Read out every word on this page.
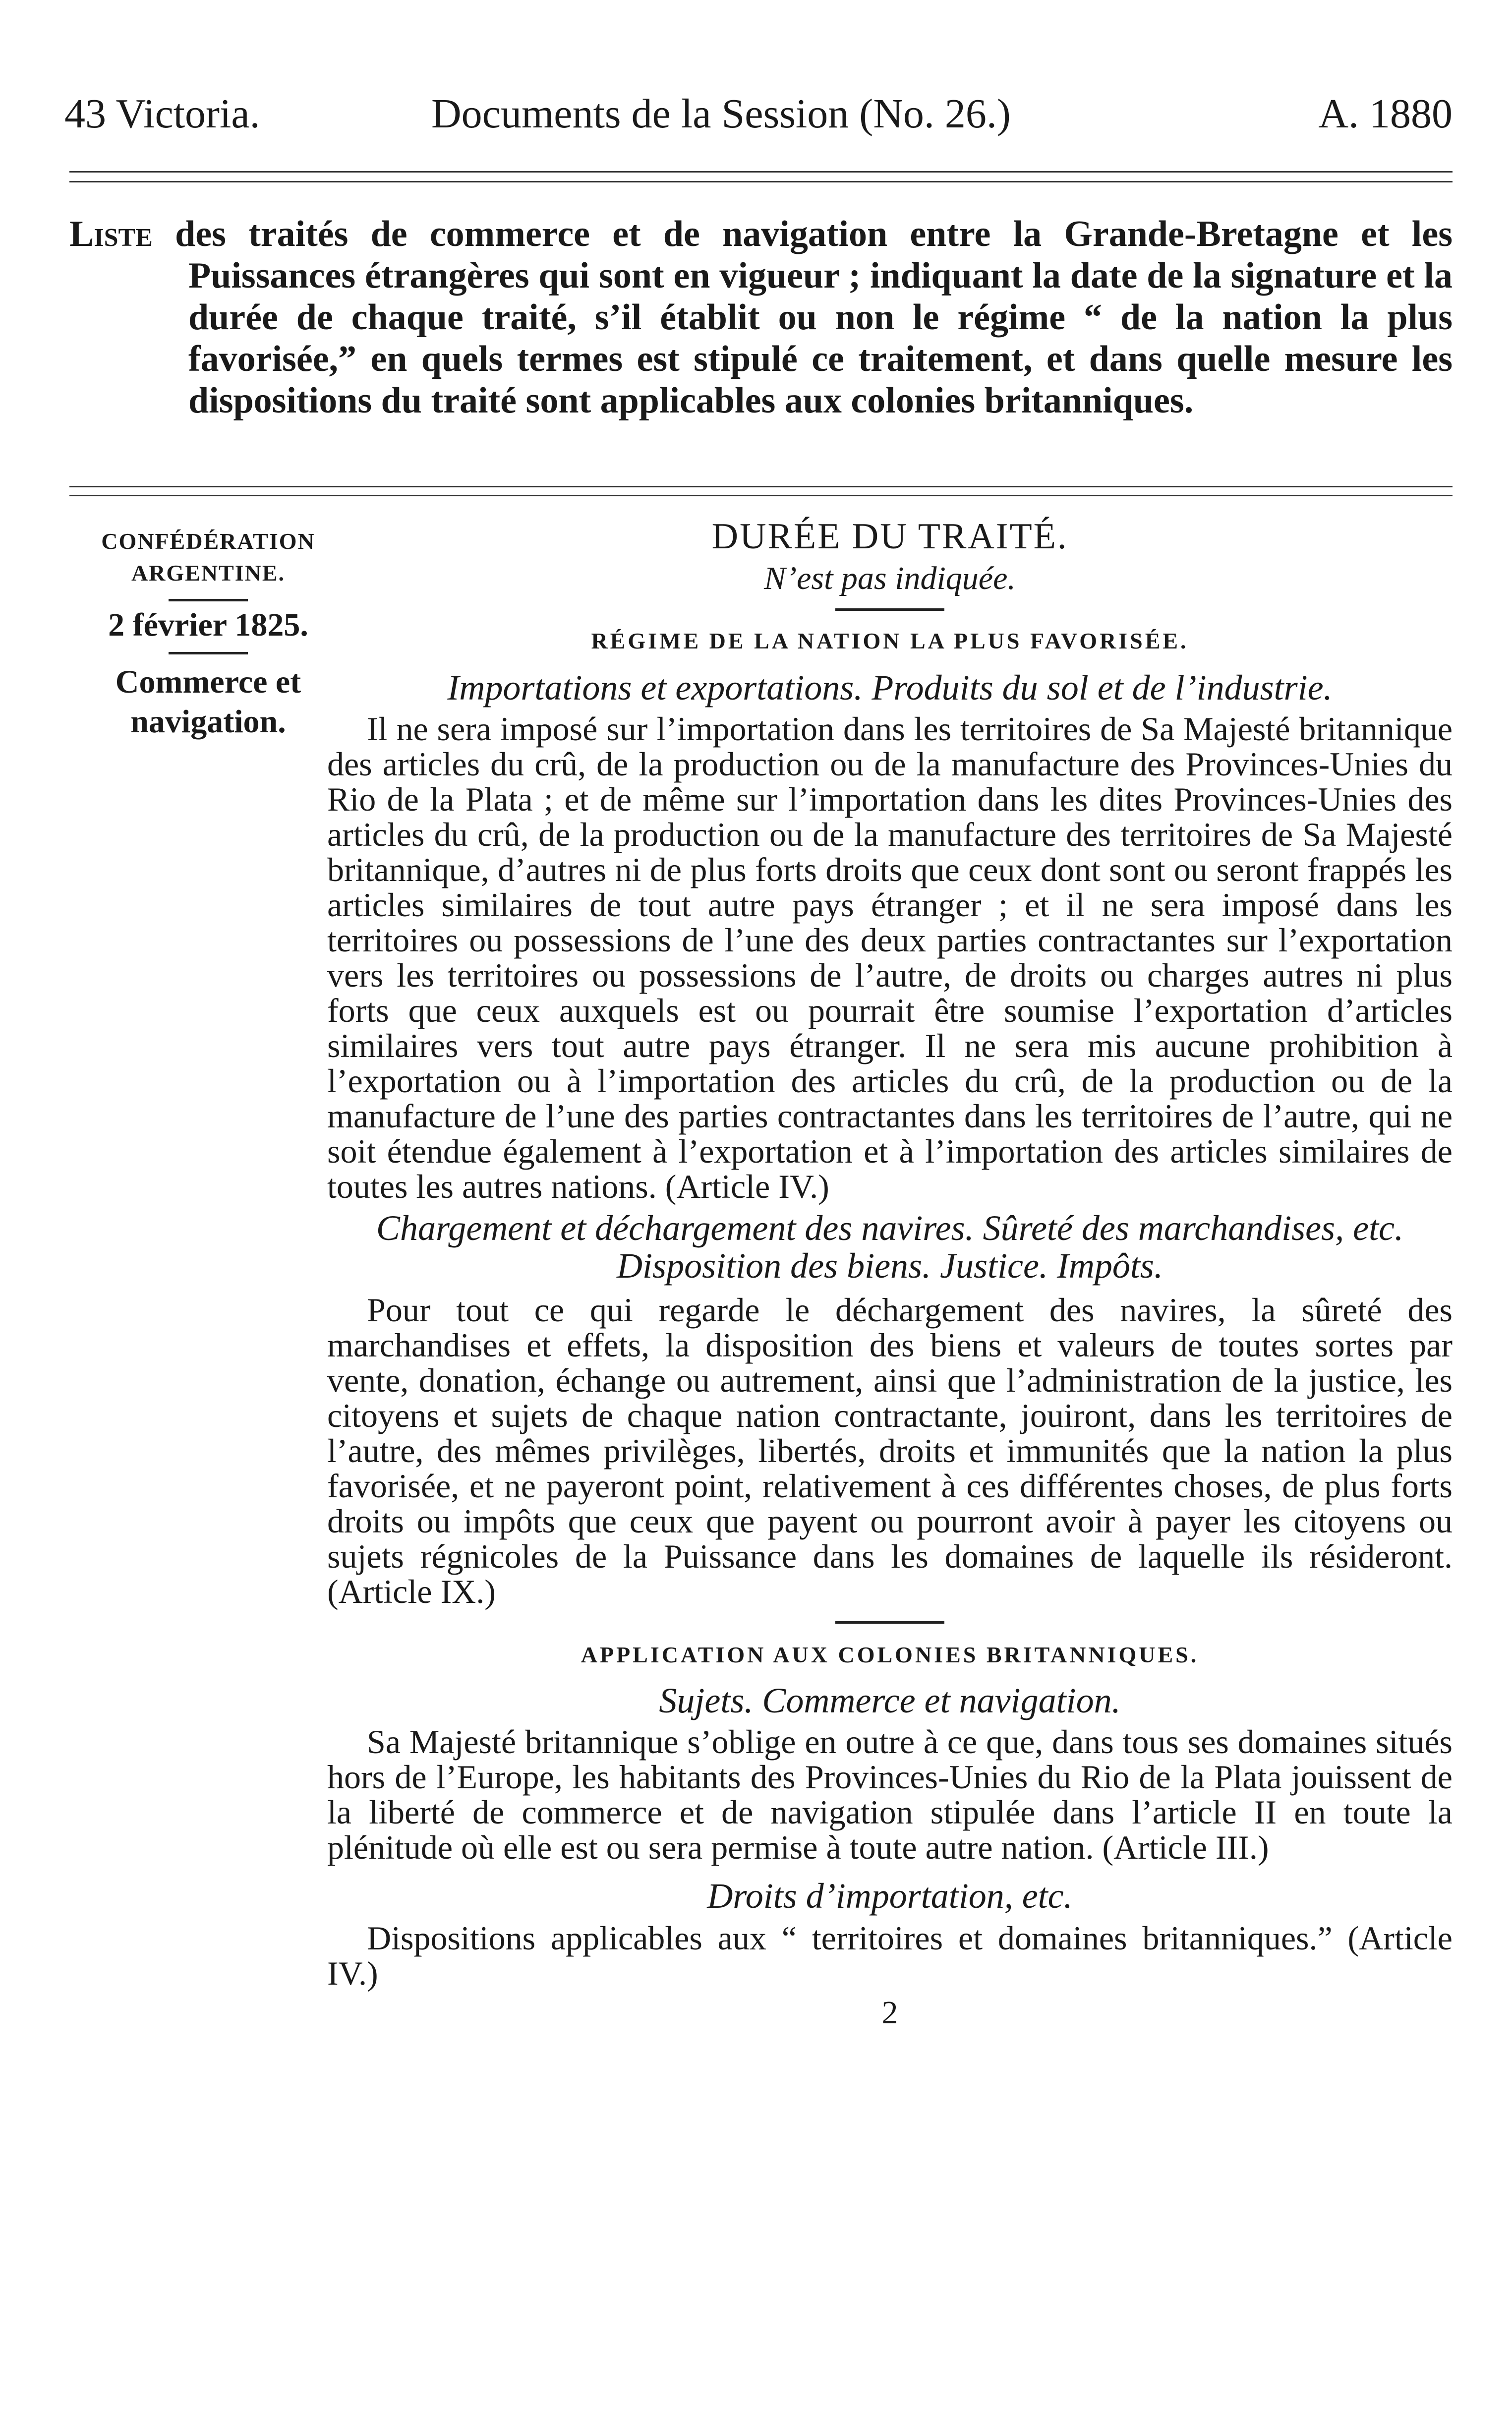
43 Victoria.	Documents de la Session (No. 26.)	A. 1880
Liste des traités de commerce et de navigation entre la Grande-Bretagne et les Puissances étrangères qui sont en vigueur ; indiquant la date de la signature et la durée de chaque traité, s’il établit ou non le régime “ de la nation la plus favorisée,” en quels termes est stipulé ce traitement, et dans quelle mesure les dispositions du traité sont applicables aux colonies britanniques.
CONFÉDÉRATION
ARGENTINE.
2 février 1825.
Commerce et
navigation.
DURÉE DU TRAITÉ.
N’est pas indiquée.
RÉGIME DE LA NATION LA PLUS FAVORISÉE.
Importations et exportations. Produits du sol et de l’industrie.
Il ne sera imposé sur l’importation dans les territoires de Sa Majesté britannique des articles du crû, de la production ou de la manufacture des Provinces-Unies du Rio de la Plata ; et de même sur l’importation dans les dites Provinces-Unies des articles du crû, de la production ou de la manufacture des territoires de Sa Majesté britannique, d’autres ni de plus forts droits que ceux dont sont ou seront frappés les articles similaires de tout autre pays étranger ; et il ne sera imposé dans les territoires ou possessions de l’une des deux parties contractantes sur l’exportation vers les territoires ou possessions de l’autre, de droits ou charges autres ni plus forts que ceux auxquels est ou pourrait être soumise l’exportation d’articles similaires vers tout autre pays étranger. Il ne sera mis aucune prohibition à l’exportation ou à l’importation des articles du crû, de la production ou de la manufacture de l’une des parties contractantes dans les territoires de l’autre, qui ne soit étendue également à l’exportation et à l’importation des articles similaires de toutes les autres nations. (Article IV.)
Chargement et déchargement des navires. Sûreté des marchandises, etc.
Disposition des biens. Justice. Impôts.
Pour tout ce qui regarde le déchargement des navires, la sûreté des marchandises et effets, la disposition des biens et valeurs de toutes sortes par vente, donation, échange ou autrement, ainsi que l’administration de la justice, les citoyens et sujets de chaque nation contractante, jouiront, dans les territoires de l’autre, des mêmes privilèges, libertés, droits et immunités que la nation la plus favorisée, et ne payeront point, relativement à ces différentes choses, de plus forts droits ou impôts que ceux que payent ou pourront avoir à payer les citoyens ou sujets régnicoles de la Puissance dans les domaines de laquelle ils résideront. (Article IX.)
APPLICATION AUX COLONIES BRITANNIQUES.
Sujets. Commerce et navigation.
Sa Majesté britannique s’oblige en outre à ce que, dans tous ses domaines situés hors de l’Europe, les habitants des Provinces-Unies du Rio de la Plata jouissent de la liberté de commerce et de navigation stipulée dans l’article II en toute la plénitude où elle est ou sera permise à toute autre nation. (Article III.)
Droits d’importation, etc.
Dispositions applicables aux “ territoires et domaines britanniques.” (Article IV.)
2
